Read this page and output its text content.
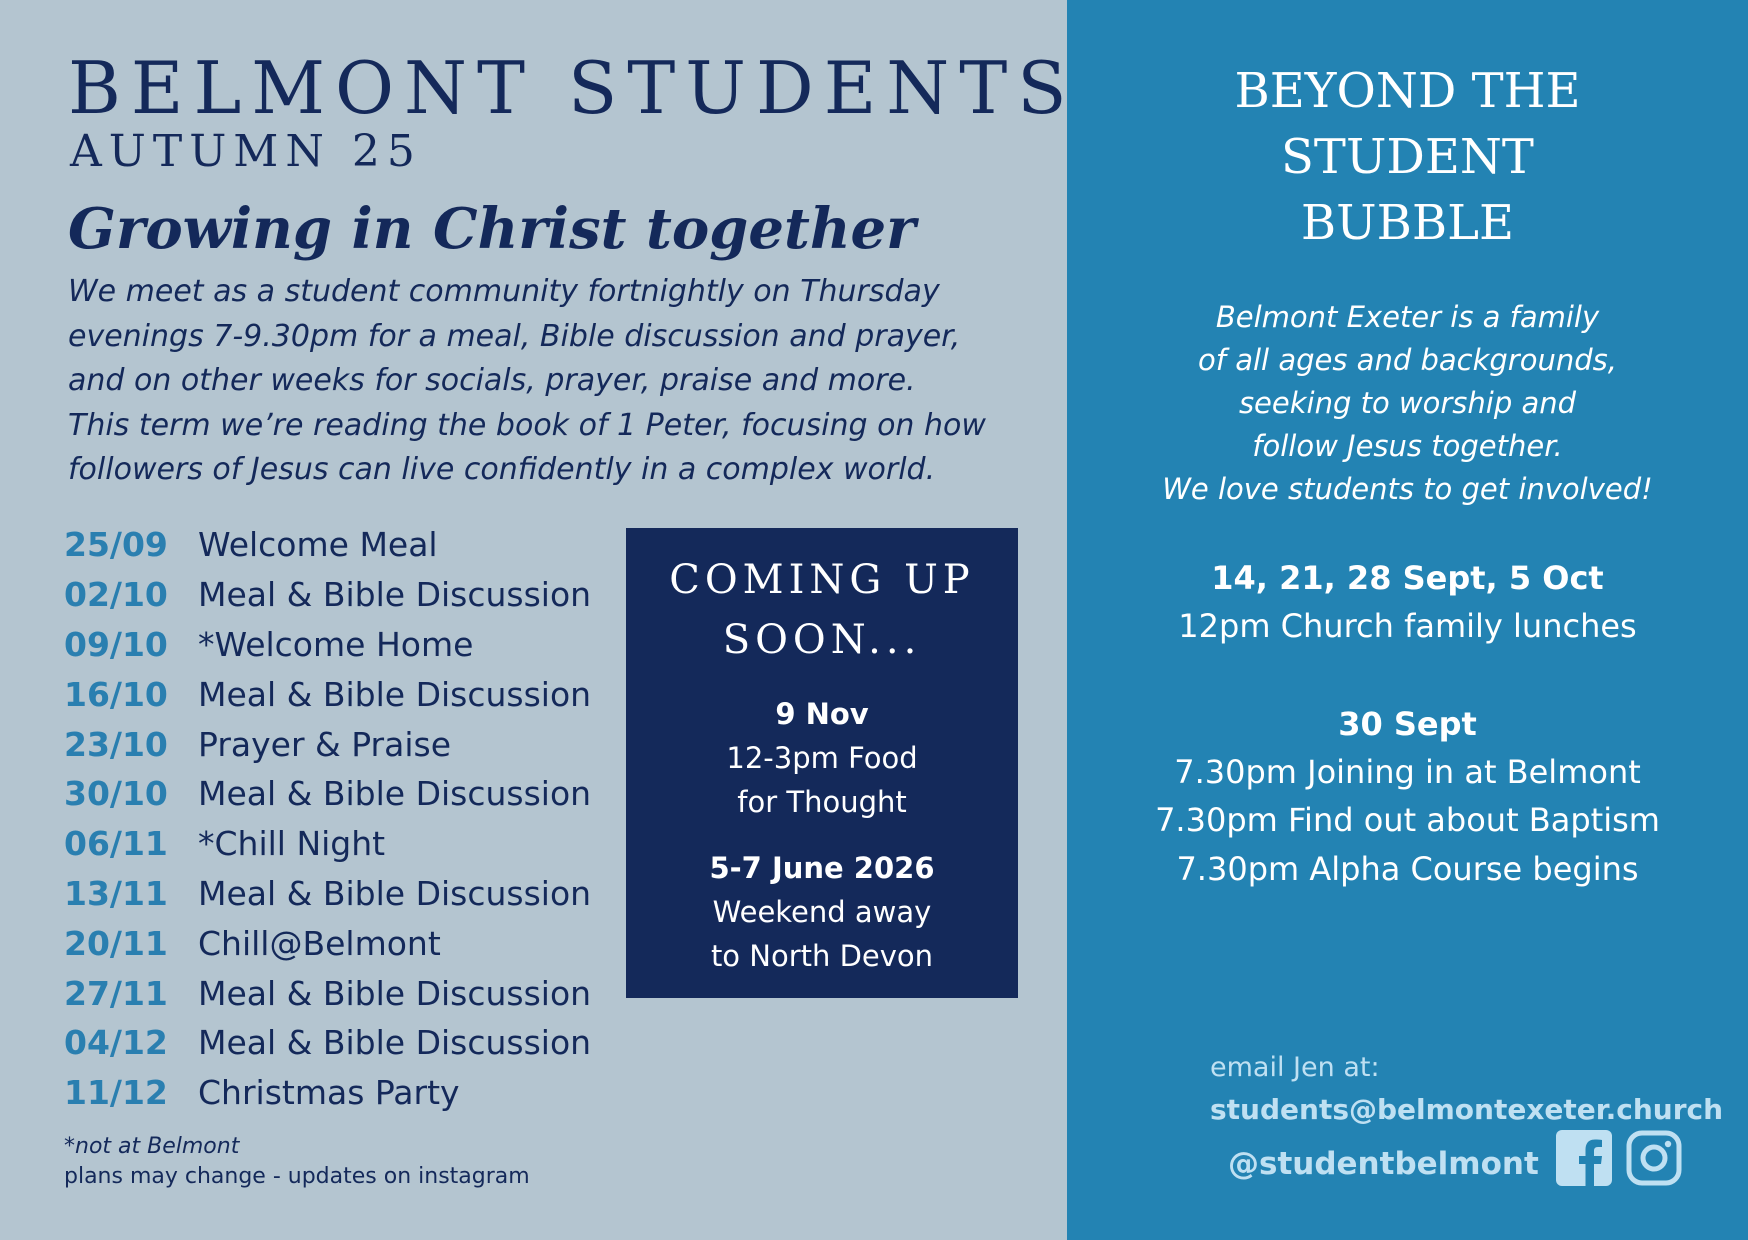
BELMONT STUDENTS
AUTUMN 25
Growing in Christ together

We meet as a student community fortnightly on Thursday
evenings 7-9.30pm for a meal, Bible discussion and prayer,
and on other weeks for socials, prayer, praise and more.
This term we’re reading the book of 1 Peter, focusing on how
followers of Jesus can live confidently in a complex world.

25/09 Welcome Meal
02/10 Meal & Bible Discussion
09/10 *Welcome Home
16/10 Meal & Bible Discussion
23/10 Prayer & Praise
30/10 Meal & Bible Discussion
06/11 *Chill Night
13/11 Meal & Bible Discussion
20/11 Chill@Belmont
27/11 Meal & Bible Discussion
04/12 Meal & Bible Discussion
11/12 Christmas Party
*not at Belmont
plans may change - updates on instagram
COMING UP
SOON...
9 Nov
12-3pm Food
for Thought
5-7 June 2026
Weekend away
to North Devon
BEYOND THE
STUDENT
BUBBLE
Belmont Exeter is a family
of all ages and backgrounds,
seeking to worship and
follow Jesus together.
We love students to get involved!
14, 21, 28 Sept, 5 Oct
12pm Church family lunches
30 Sept
7.30pm Joining in at Belmont
7.30pm Find out about Baptism
7.30pm Alpha Course begins
email Jen at:
students@belmontexeter.church
@studentbelmont
